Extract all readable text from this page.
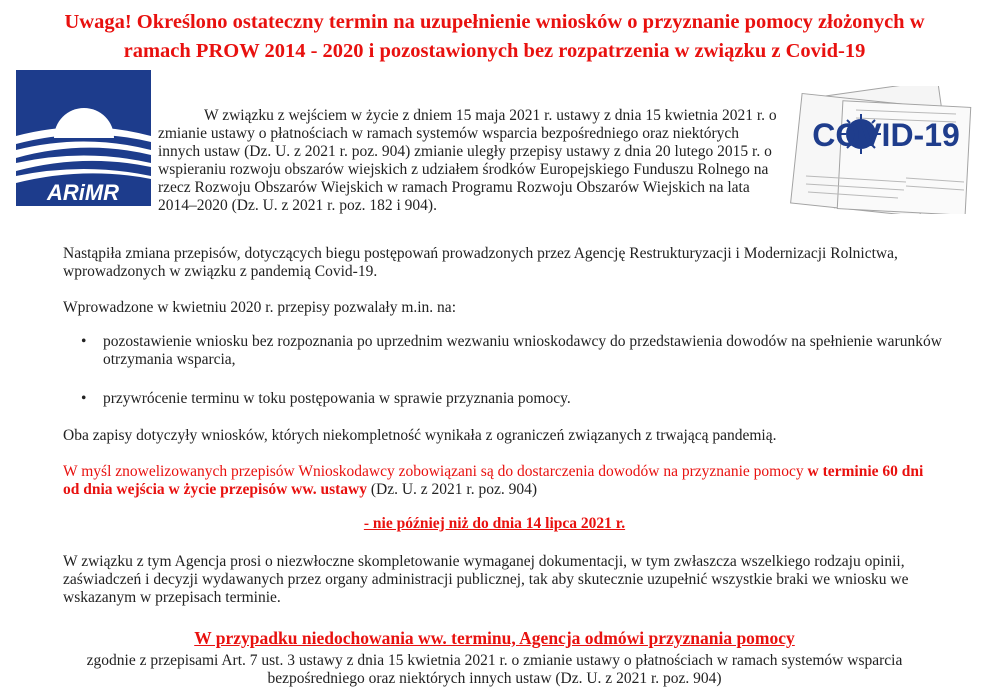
Uwaga! Określono ostateczny termin na uzupełnienie wniosków o przyznanie pomocy złożonych w ramach PROW 2014 - 2020 i pozostawionych bez rozpatrzenia w związku z Covid-19
ARiMR
COVID-19

W związku z wejściem w życie z dniem 15 maja 2021 r. ustawy z dnia 15 kwietnia 2021 r. o zmianie ustawy o płatnościach w ramach systemów wsparcia bezpośredniego oraz niektórych innych ustaw (Dz. U. z 2021 r. poz. 904) zmianie uległy przepisy ustawy z dnia 20 lutego 2015 r. o wspieraniu rozwoju obszarów wiejskich z udziałem środków Europejskiego Funduszu Rolnego na rzecz Rozwoju Obszarów Wiejskich w ramach Programu Rozwoju Obszarów Wiejskich na lata 2014–2020 (Dz. U. z 2021 r. poz. 182 i 904).

Nastąpiła zmiana przepisów, dotyczących biegu postępowań prowadzonych przez Agencję Restrukturyzacji i Modernizacji Rolnictwa, wprowadzonych w związku z pandemią Covid-19.

Wprowadzone w kwietniu 2020 r. przepisy pozwalały m.in. na:

• pozostawienie wniosku bez rozpoznania po uprzednim wezwaniu wnioskodawcy do przedstawienia dowodów na spełnienie warunków otrzymania wsparcia,
• przywrócenie terminu w toku postępowania w sprawie przyznania pomocy.

Oba zapisy dotyczyły wniosków, których niekompletność wynikała z ograniczeń związanych z trwającą pandemią.

W myśl znowelizowanych przepisów Wnioskodawcy zobowiązani są do dostarczenia dowodów na przyznanie pomocy w terminie 60 dni od dnia wejścia w życie przepisów ww. ustawy (Dz. U. z 2021 r. poz. 904)

- nie później niż do dnia 14 lipca 2021 r.

W związku z tym Agencja prosi o niezwłoczne skompletowanie wymaganej dokumentacji, w tym zwłaszcza wszelkiego rodzaju opinii, zaświadczeń i decyzji wydawanych przez organy administracji publicznej, tak aby skutecznie uzupełnić wszystkie braki we wniosku we wskazanym w przepisach terminie.

W przypadku niedochowania ww. terminu, Agencja odmówi przyznania pomocy

zgodnie z przepisami Art. 7 ust. 3 ustawy z dnia 15 kwietnia 2021 r. o zmianie ustawy o płatnościach w ramach systemów wsparcia bezpośredniego oraz niektórych innych ustaw (Dz. U. z 2021 r. poz. 904)
